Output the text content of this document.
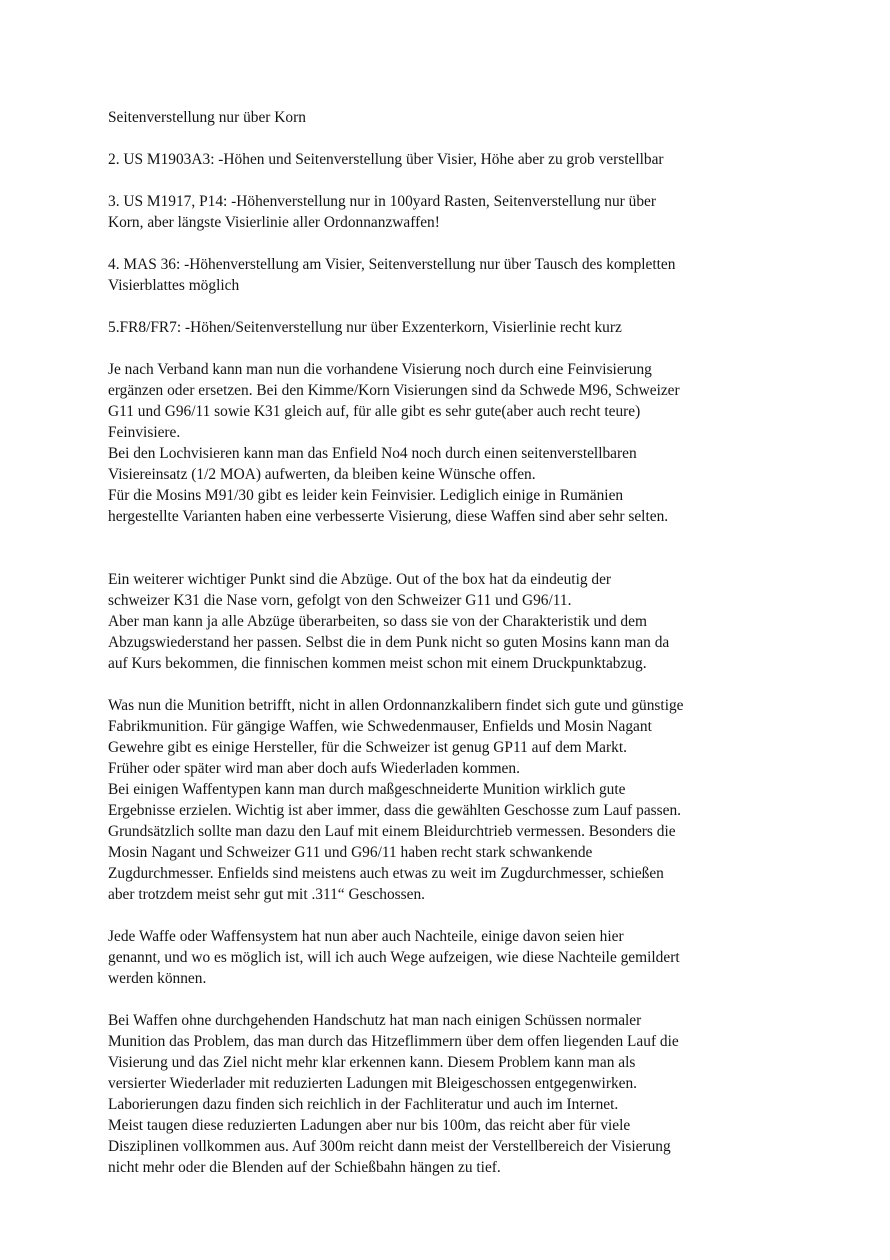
Seitenverstellung nur über Korn

2. US M1903A3: -Höhen und Seitenverstellung über Visier, Höhe aber zu grob verstellbar

3. US M1917, P14: -Höhenverstellung nur in 100yard Rasten, Seitenverstellung nur über
Korn, aber längste Visierlinie aller Ordonnanzwaffen!

4. MAS 36: -Höhenverstellung am Visier, Seitenverstellung nur über Tausch des kompletten
Visierblattes möglich

5.FR8/FR7: -Höhen/Seitenverstellung nur über Exzenterkorn, Visierlinie recht kurz

Je nach Verband kann man nun die vorhandene Visierung noch durch eine Feinvisierung
ergänzen oder ersetzen. Bei den Kimme/Korn Visierungen sind da Schwede M96, Schweizer
G11 und G96/11 sowie K31 gleich auf, für alle gibt es sehr gute(aber auch recht teure)
Feinvisiere.
Bei den Lochvisieren kann man das Enfield No4 noch durch einen seitenverstellbaren
Visiereinsatz (1/2 MOA) aufwerten, da bleiben keine Wünsche offen.
Für die Mosins M91/30 gibt es leider kein Feinvisier. Lediglich einige in Rumänien
hergestellte Varianten haben eine verbesserte Visierung, diese Waffen sind aber sehr selten.

Ein weiterer wichtiger Punkt sind die Abzüge. Out of the box hat da eindeutig der
schweizer K31 die Nase vorn, gefolgt von den Schweizer G11 und G96/11.
Aber man kann ja alle Abzüge überarbeiten, so dass sie von der Charakteristik und dem
Abzugswiederstand her passen. Selbst die in dem Punk nicht so guten Mosins kann man da
auf Kurs bekommen, die finnischen kommen meist schon mit einem Druckpunktabzug.

Was nun die Munition betrifft, nicht in allen Ordonnanzkalibern findet sich gute und günstige
Fabrikmunition. Für gängige Waffen, wie Schwedenmauser, Enfields und Mosin Nagant
Gewehre gibt es einige Hersteller, für die Schweizer ist genug GP11 auf dem Markt.
Früher oder später wird man aber doch aufs Wiederladen kommen.
Bei einigen Waffentypen kann man durch maßgeschneiderte Munition wirklich gute
Ergebnisse erzielen. Wichtig ist aber immer, dass die gewählten Geschosse zum Lauf passen.
Grundsätzlich sollte man dazu den Lauf mit einem Bleidurchtrieb vermessen. Besonders die
Mosin Nagant und Schweizer G11 und G96/11 haben recht stark schwankende
Zugdurchmesser. Enfields sind meistens auch etwas zu weit im Zugdurchmesser, schießen
aber trotzdem meist sehr gut mit .311“ Geschossen.

Jede Waffe oder Waffensystem hat nun aber auch Nachteile, einige davon seien hier
genannt, und wo es möglich ist, will ich auch Wege aufzeigen, wie diese Nachteile gemildert
werden können.

Bei Waffen ohne durchgehenden Handschutz hat man nach einigen Schüssen normaler
Munition das Problem, das man durch das Hitzeflimmern über dem offen liegenden Lauf die
Visierung und das Ziel nicht mehr klar erkennen kann. Diesem Problem kann man als
versierter Wiederlader mit reduzierten Ladungen mit Bleigeschossen entgegenwirken.
Laborierungen dazu finden sich reichlich in der Fachliteratur und auch im Internet.
Meist taugen diese reduzierten Ladungen aber nur bis 100m, das reicht aber für viele
Disziplinen vollkommen aus. Auf 300m reicht dann meist der Verstellbereich der Visierung
nicht mehr oder die Blenden auf der Schießbahn hängen zu tief.
